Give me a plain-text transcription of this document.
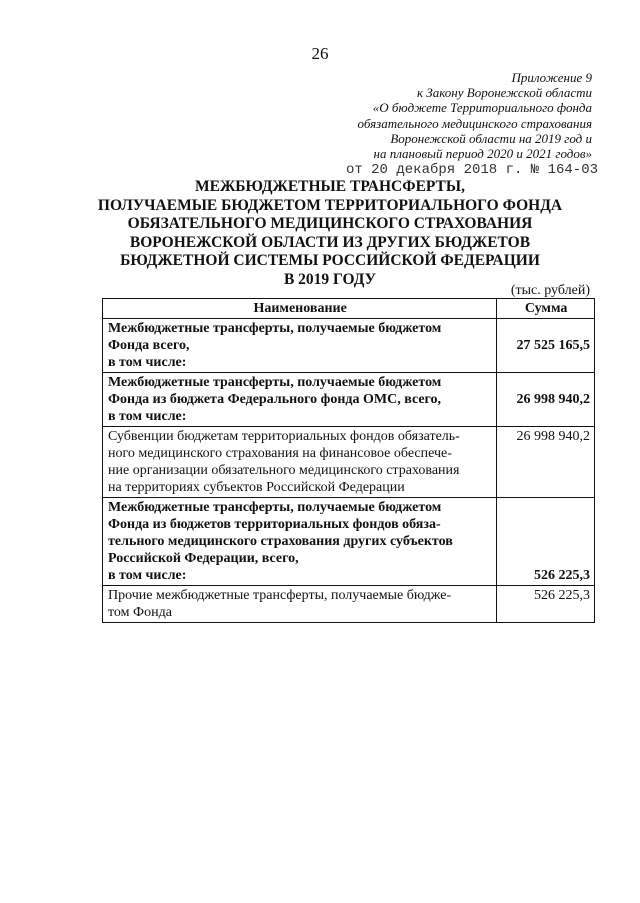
26
Приложение 9
к Закону Воронежской области
«О бюджете Территориального фонда
обязательного медицинского страхования
Воронежской области на 2019 год и
на плановый период 2020 и 2021 годов»
от 20 декабря 2018 г. № 164-03
МЕЖБЮДЖЕТНЫЕ ТРАНСФЕРТЫ,
ПОЛУЧАЕМЫЕ БЮДЖЕТОМ ТЕРРИТОРИАЛЬНОГО ФОНДА
ОБЯЗАТЕЛЬНОГО МЕДИЦИНСКОГО СТРАХОВАНИЯ
ВОРОНЕЖСКОЙ ОБЛАСТИ ИЗ ДРУГИХ БЮДЖЕТОВ
БЮДЖЕТНОЙ СИСТЕМЫ РОССИЙСКОЙ ФЕДЕРАЦИИ
В 2019 ГОДУ
(тыс. рублей)
Наименование	Сумма

Межбюджетные трансферты, получаемые бюджетом
Фонда всего,
в том числе:	27 525 165,5

Межбюджетные трансферты, получаемые бюджетом
Фонда из бюджета Федерального фонда ОМС, всего,
в том числе:	26 998 940,2

Субвенции бюджетам территориальных фондов обязатель-
ного медицинского страхования на финансовое обеспече-
ние организации обязательного медицинского страхования
на территориях субъектов Российской Федерации	26 998 940,2

Межбюджетные трансферты, получаемые бюджетом
Фонда из бюджетов территориальных фондов обяза-
тельного медицинского страхования других субъектов
Российской Федерации, всего,
в том числе:	526 225,3

Прочие межбюджетные трансферты, получаемые бюдже-
том Фонда	526 225,3
